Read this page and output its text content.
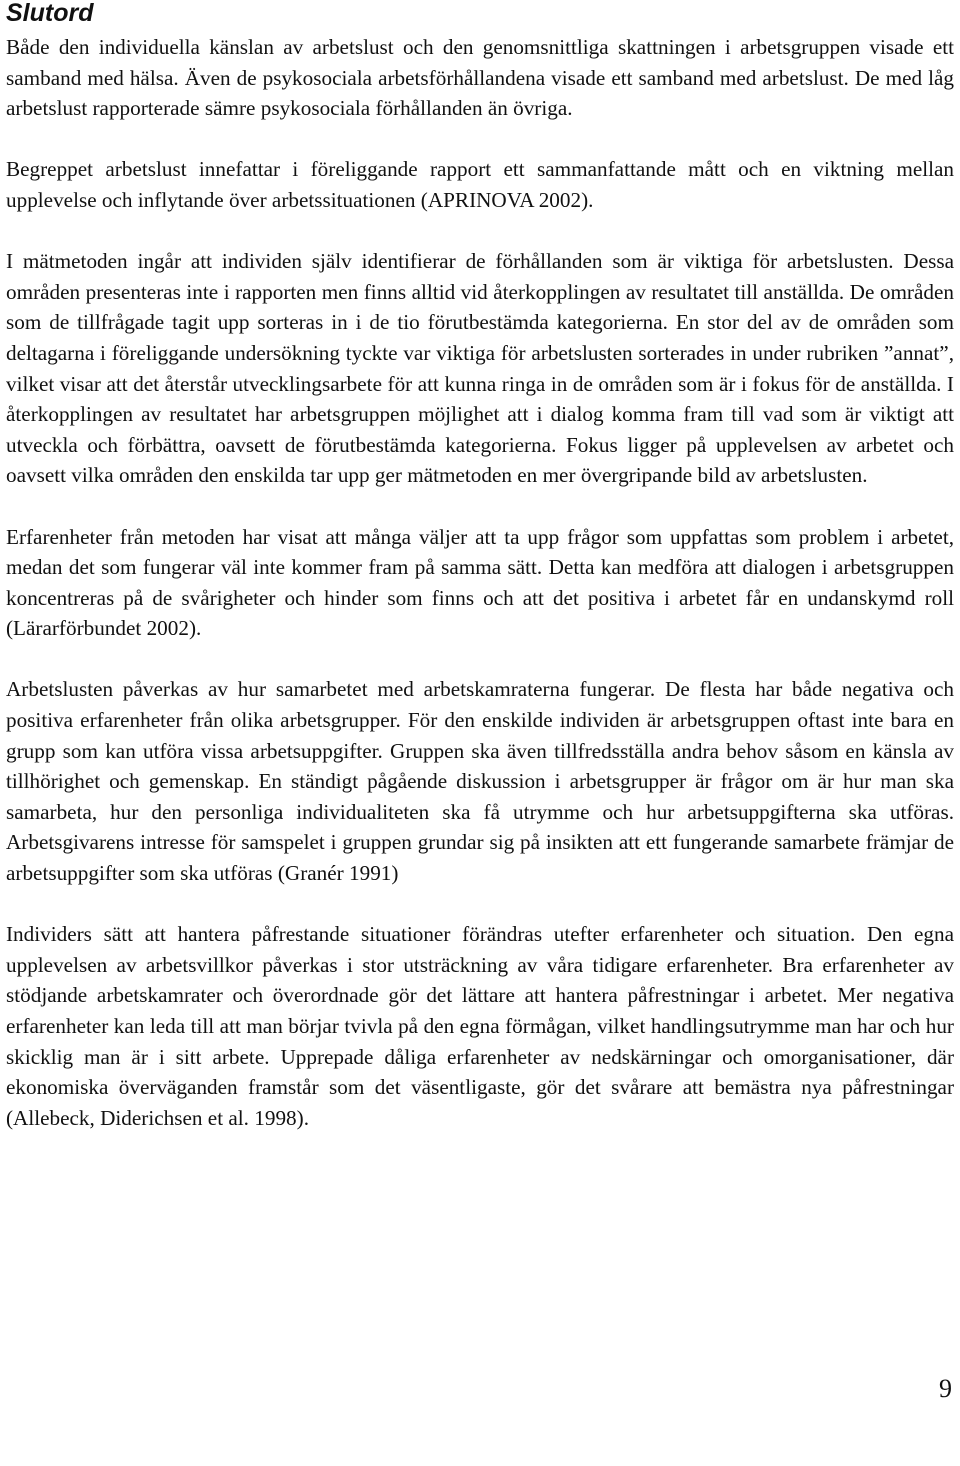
Slutord

Både den individuella känslan av arbetslust och den genomsnittliga skattningen i arbetsgruppen visade ett samband med hälsa. Även de psykosociala arbetsförhållandena visade ett samband med arbetslust. De med låg arbetslust rapporterade sämre psykosociala förhållanden än övriga.

Begreppet arbetslust innefattar i föreliggande rapport ett sammanfattande mått och en viktning mellan upplevelse och inflytande över arbetssituationen (APRINOVA 2002).

I mätmetoden ingår att individen själv identifierar de förhållanden som är viktiga för arbetslusten. Dessa områden presenteras inte i rapporten men finns alltid vid återkopplingen av resultatet till anställda. De områden som de tillfrågade tagit upp sorteras in i de tio förutbestämda kategorierna. En stor del av de områden som deltagarna i föreliggande undersökning tyckte var viktiga för arbetslusten sorterades in under rubriken ”annat”, vilket visar att det återstår utvecklingsarbete för att kunna ringa in de områden som är i fokus för de anställda. I återkopplingen av resultatet har arbetsgruppen möjlighet att i dialog komma fram till vad som är viktigt att utveckla och förbättra, oavsett de förutbestämda kategorierna. Fokus ligger på upplevelsen av arbetet och oavsett vilka områden den enskilda tar upp ger mätmetoden en mer övergripande bild av arbetslusten.

Erfarenheter från metoden har visat att många väljer att ta upp frågor som uppfattas som problem i arbetet, medan det som fungerar väl inte kommer fram på samma sätt. Detta kan medföra att dialogen i arbetsgruppen koncentreras på de svårigheter och hinder som finns och att det positiva i arbetet får en undanskymd roll (Lärarförbundet 2002).

Arbetslusten påverkas av hur samarbetet med arbetskamraterna fungerar. De flesta har både negativa och positiva erfarenheter från olika arbetsgrupper. För den enskilde individen är arbetsgruppen oftast inte bara en grupp som kan utföra vissa arbetsuppgifter. Gruppen ska även tillfredsställa andra behov såsom en känsla av tillhörighet och gemenskap. En ständigt pågående diskussion i arbetsgrupper är frågor om är hur man ska samarbeta, hur den personliga individualiteten ska få utrymme och hur arbetsuppgifterna ska utföras. Arbetsgivarens intresse för samspelet i gruppen grundar sig på insikten att ett fungerande samarbete främjar de arbetsuppgifter som ska utföras (Granér 1991)

Individers sätt att hantera påfrestande situationer förändras utefter erfarenheter och situation. Den egna upplevelsen av arbetsvillkor påverkas i stor utsträckning av våra tidigare erfarenheter. Bra erfarenheter av stödjande arbetskamrater och överordnade gör det lättare att hantera påfrestningar i arbetet. Mer negativa erfarenheter kan leda till att man börjar tvivla på den egna förmågan, vilket handlingsutrymme man har och hur skicklig man är i sitt arbete. Upprepade dåliga erfarenheter av nedskärningar och omorganisationer, där ekonomiska överväganden framstår som det väsentligaste, gör det svårare att bemästra nya påfrestningar (Allebeck, Diderichsen et al. 1998).

9
